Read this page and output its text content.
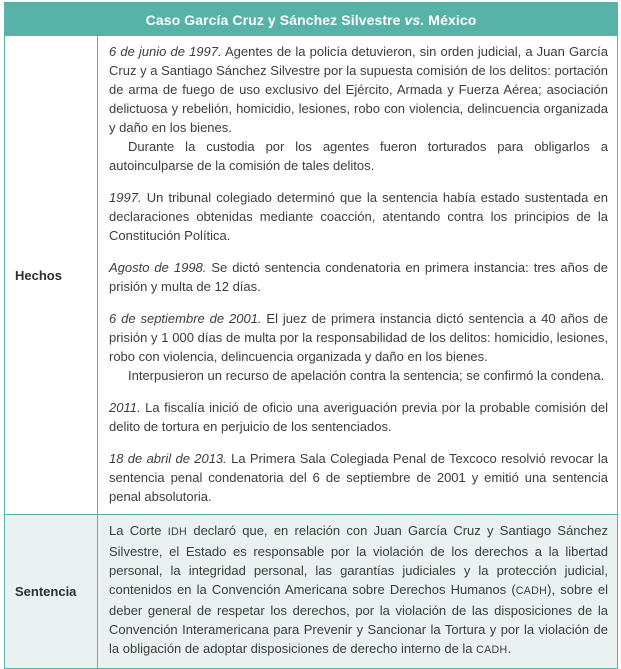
Caso García Cruz y Sánchez Silvestre vs. México
Hechos
6 de junio de 1997. Agentes de la policía detuvieron, sin orden judicial, a Juan García Cruz y a Santiago Sánchez Silvestre por la supuesta comisión de los delitos: portación de arma de fuego de uso exclusivo del Ejército, Armada y Fuerza Aérea; asociación delictuosa y rebelión, homicidio, lesiones, robo con violencia, delincuencia organizada y daño en los bienes.
Durante la custodia por los agentes fueron torturados para obligarlos a autoinculparse de la comisión de tales delitos.
1997. Un tribunal colegiado determinó que la sentencia había estado sustentada en declaraciones obtenidas mediante coacción, atentando contra los principios de la Constitución Política.
Agosto de 1998. Se dictó sentencia condenatoria en primera instancia: tres años de prisión y multa de 12 días.
6 de septiembre de 2001. El juez de primera instancia dictó sentencia a 40 años de prisión y 1 000 días de multa por la responsabilidad de los delitos: homicidio, lesiones, robo con violencia, delincuencia organizada y daño en los bienes.
Interpusieron un recurso de apelación contra la sentencia; se confirmó la condena.
2011. La fiscalía inició de oficio una averiguación previa por la probable comisión del delito de tortura en perjuicio de los sentenciados.
18 de abril de 2013. La Primera Sala Colegiada Penal de Texcoco resolvió revocar la sentencia penal condenatoria del 6 de septiembre de 2001 y emitió una sentencia penal absolutoria.
Sentencia
La Corte IDH declaró que, en relación con Juan García Cruz y Santiago Sánchez Silvestre, el Estado es responsable por la violación de los derechos a la libertad personal, la integridad personal, las garantías judiciales y la protección judicial, contenidos en la Convención Americana sobre Derechos Humanos (CADH), sobre el deber general de respetar los derechos, por la violación de las disposiciones de la Convención Interamericana para Prevenir y Sancionar la Tortura y por la violación de la obligación de adoptar disposiciones de derecho interno de la CADH.
